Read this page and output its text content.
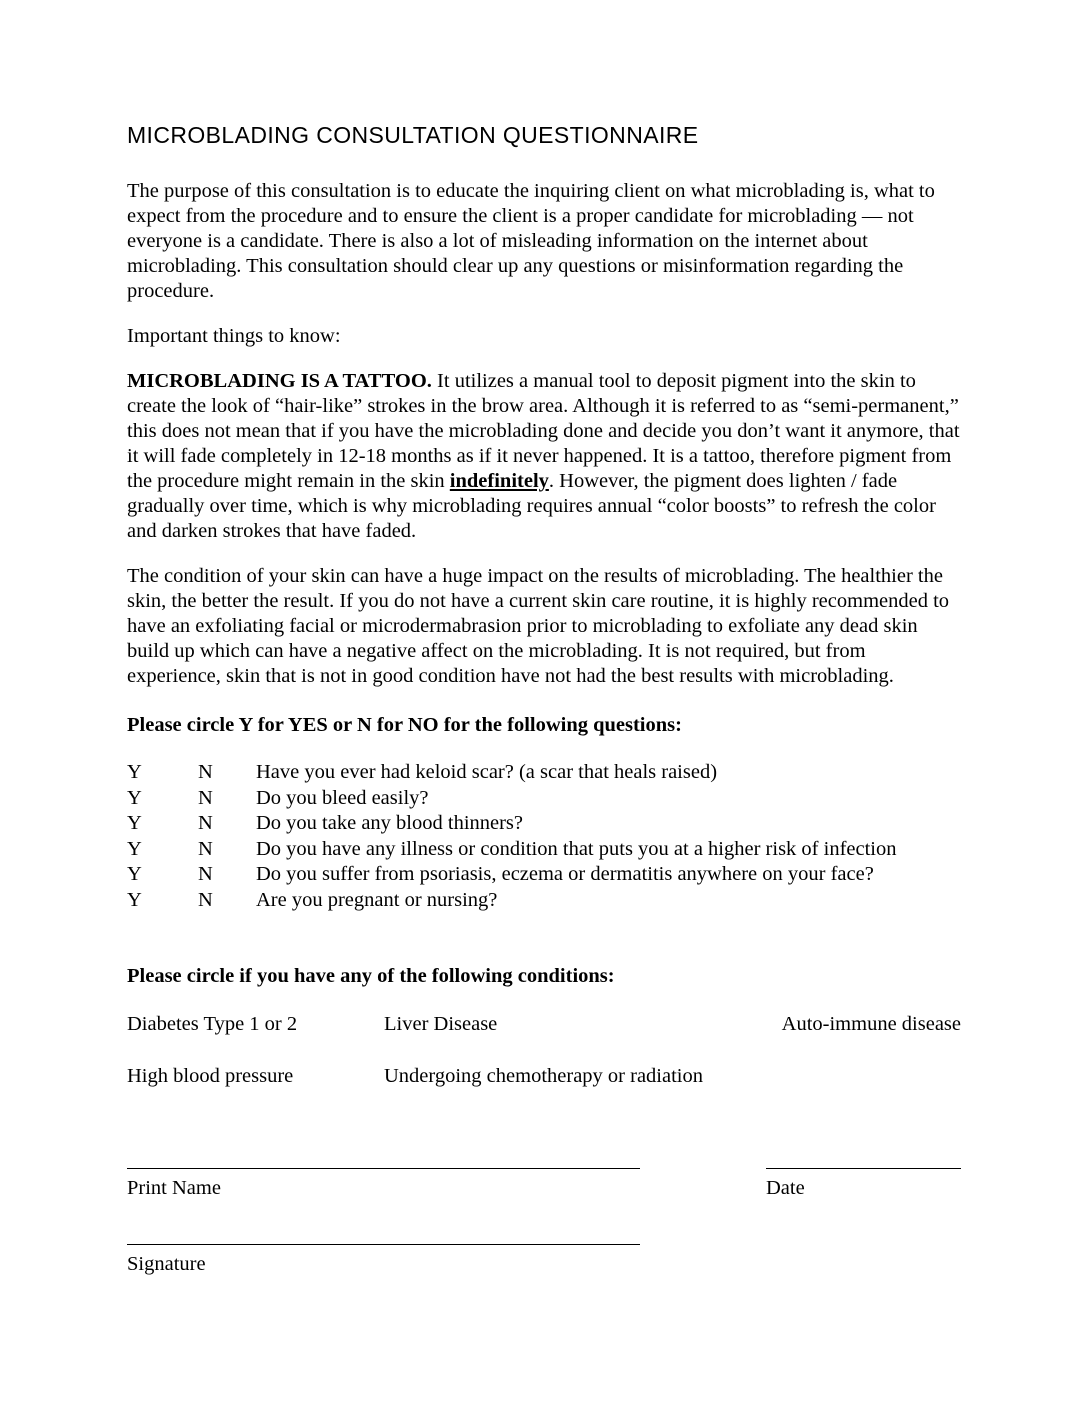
MICROBLADING CONSULTATION QUESTIONNAIRE

The purpose of this consultation is to educate the inquiring client on what microblading is, what to expect from the procedure and to ensure the client is a proper candidate for microblading — not everyone is a candidate. There is also a lot of misleading information on the internet about microblading. This consultation should clear up any questions or misinformation regarding the procedure.

Important things to know:

MICROBLADING IS A TATTOO. It utilizes a manual tool to deposit pigment into the skin to create the look of “hair-like” strokes in the brow area. Although it is referred to as “semi-permanent,” this does not mean that if you have the microblading done and decide you don’t want it anymore, that it will fade completely in 12-18 months as if it never happened. It is a tattoo, therefore pigment from the procedure might remain in the skin indefinitely. However, the pigment does lighten / fade gradually over time, which is why microblading requires annual “color boosts” to refresh the color and darken strokes that have faded.

The condition of your skin can have a huge impact on the results of microblading. The healthier the skin, the better the result. If you do not have a current skin care routine, it is highly recommended to have an exfoliating facial or microdermabrasion prior to microblading to exfoliate any dead skin build up which can have a negative affect on the microblading. It is not required, but from experience, skin that is not in good condition have not had the best results with microblading.

Please circle Y for YES or N for NO for the following questions:

Y	N	Have you ever had keloid scar? (a scar that heals raised)
Y	N	Do you bleed easily?
Y	N	Do you take any blood thinners?
Y	N	Do you have any illness or condition that puts you at a higher risk of infection
Y	N	Do you suffer from psoriasis, eczema or dermatitis anywhere on your face?
Y	N	Are you pregnant or nursing?

Please circle if you have any of the following conditions:

Diabetes Type 1 or 2	Liver Disease	Auto-immune disease
High blood pressure	Undergoing chemotherapy or radiation	
Print Name	Date
Signature
